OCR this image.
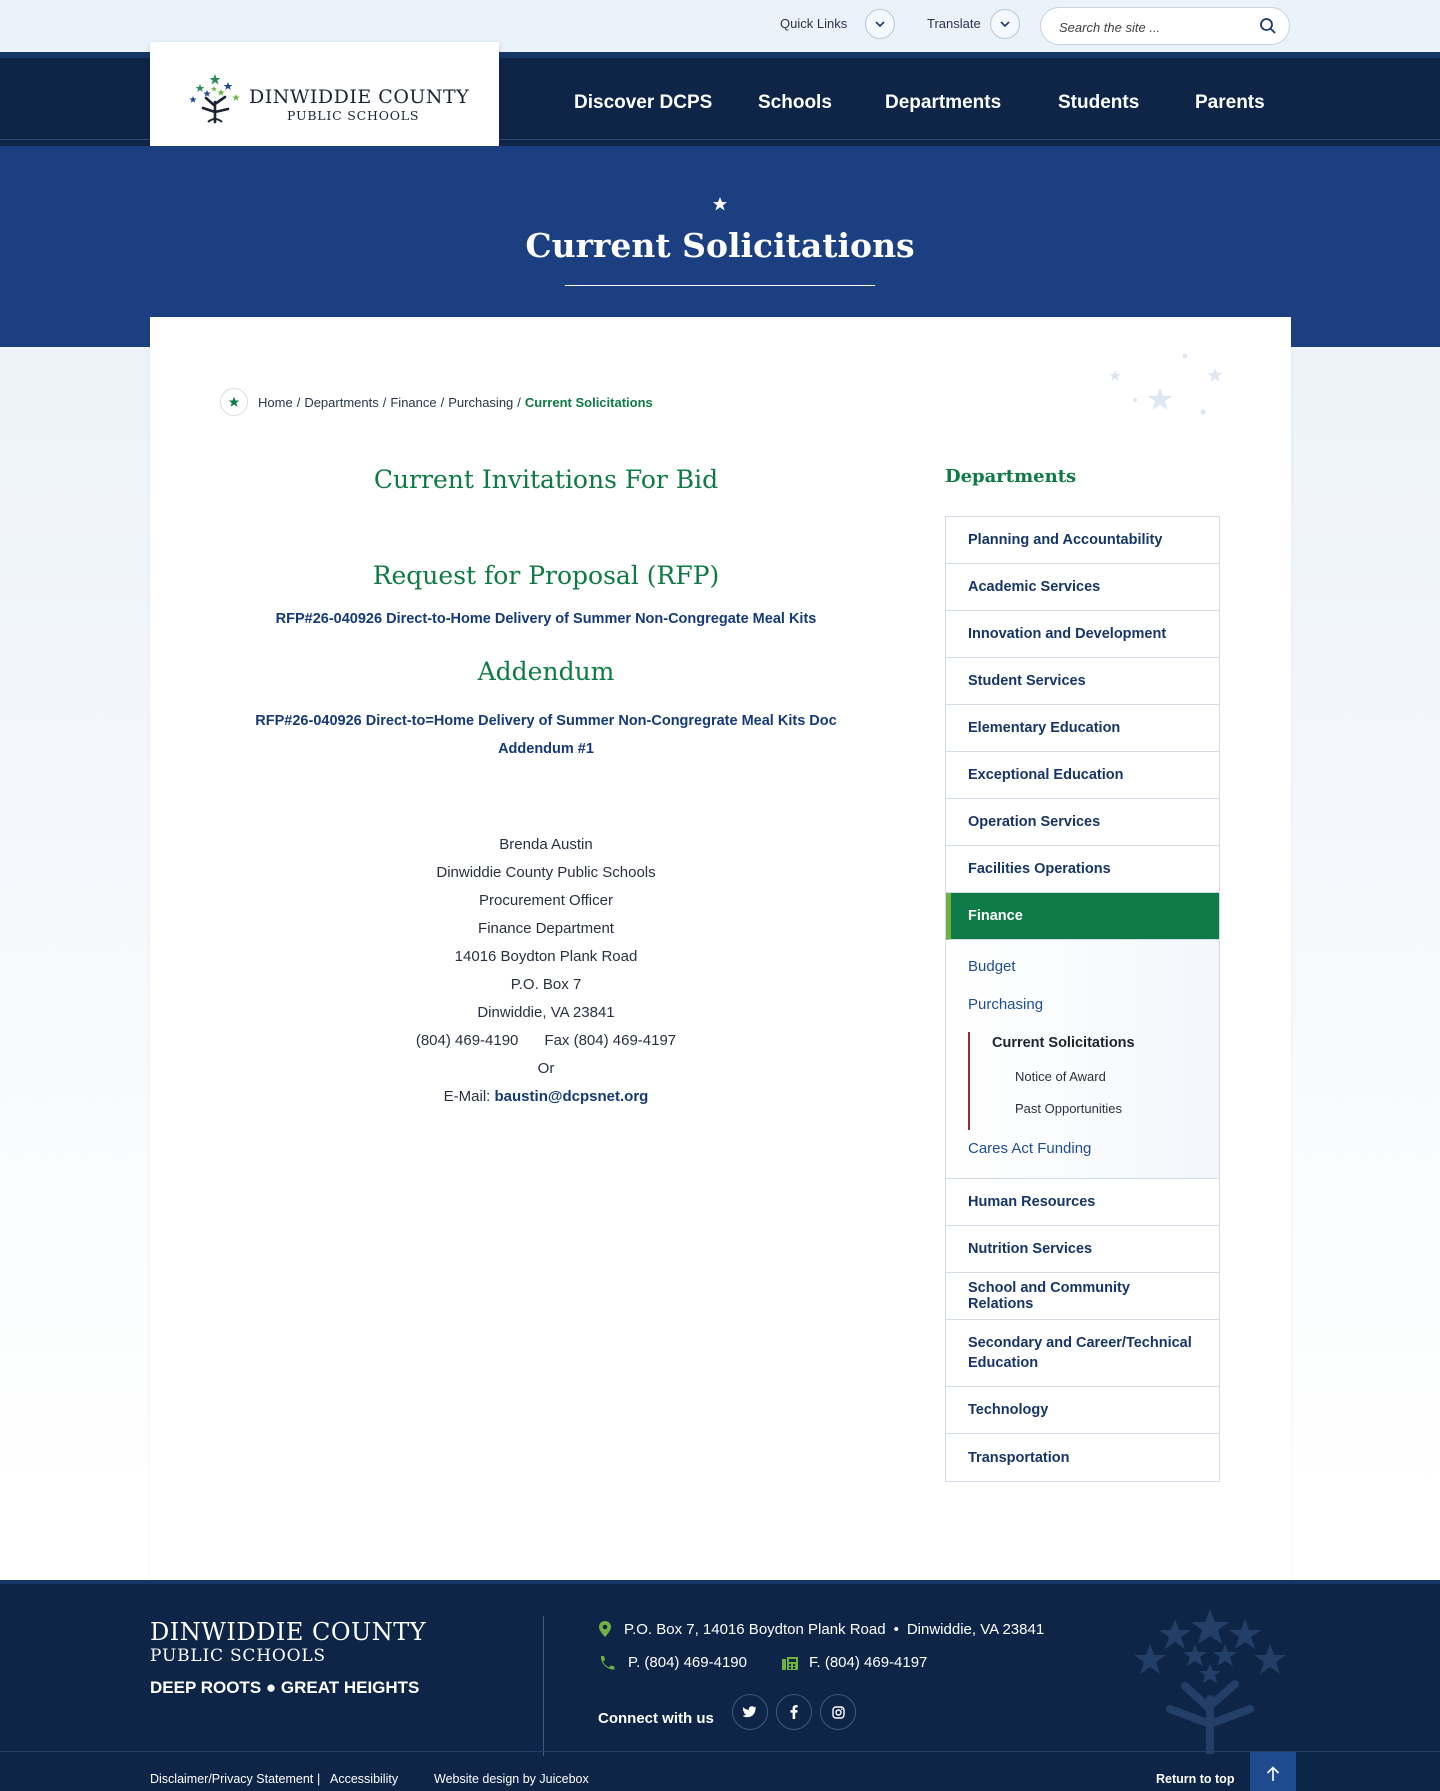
Quick Links	Translate
Search the site ...
Discover DCPS Schools	Departments	Students	Parents
DINWIDDIE COUNTY
PUBLIC SCHOOLS
Current Solicitations
Home / Departments / Finance / Purchasing / Current Solicitations
Current Invitations For Bid
Request for Proposal (RFP)
RFP#26-040926 Direct-to-Home Delivery of Summer Non-Congregate Meal Kits
Addendum
RFP#26-040926 Direct-to=Home Delivery of Summer Non-Congregrate Meal Kits Doc Addendum #1
Brenda Austin
Dinwiddie County Public Schools
Procurement Officer
Finance Department
14016 Boydton Plank Road
P.O. Box 7
Dinwiddie, VA 23841
(804) 469-4190 Fax (804) 469-4197
Or
E-Mail: baustin@dcpsnet.org
Departments
Planning and Accountability
Academic Services
Innovation and Development
Student Services
Elementary Education
Exceptional Education
Operation Services
Facilities Operations
Finance
Budget
Purchasing
Current Solicitations
Notice of Award
Past Opportunities
Cares Act Funding
Human Resources
Nutrition Services
School and Community Relations
Secondary and Career/Technical Education
Technology
Transportation
DINWIDDIE COUNTY
PUBLIC SCHOOLS
DEEP ROOTS ● GREAT HEIGHTS
P.O. Box 7, 14016 Boydton Plank Road • Dinwiddie, VA 23841
P. (804) 469-4190	F. (804) 469-4197
Connect with us
Disclaimer/Privacy Statement | Accessibility	Website design by Juicebox	Return to top
